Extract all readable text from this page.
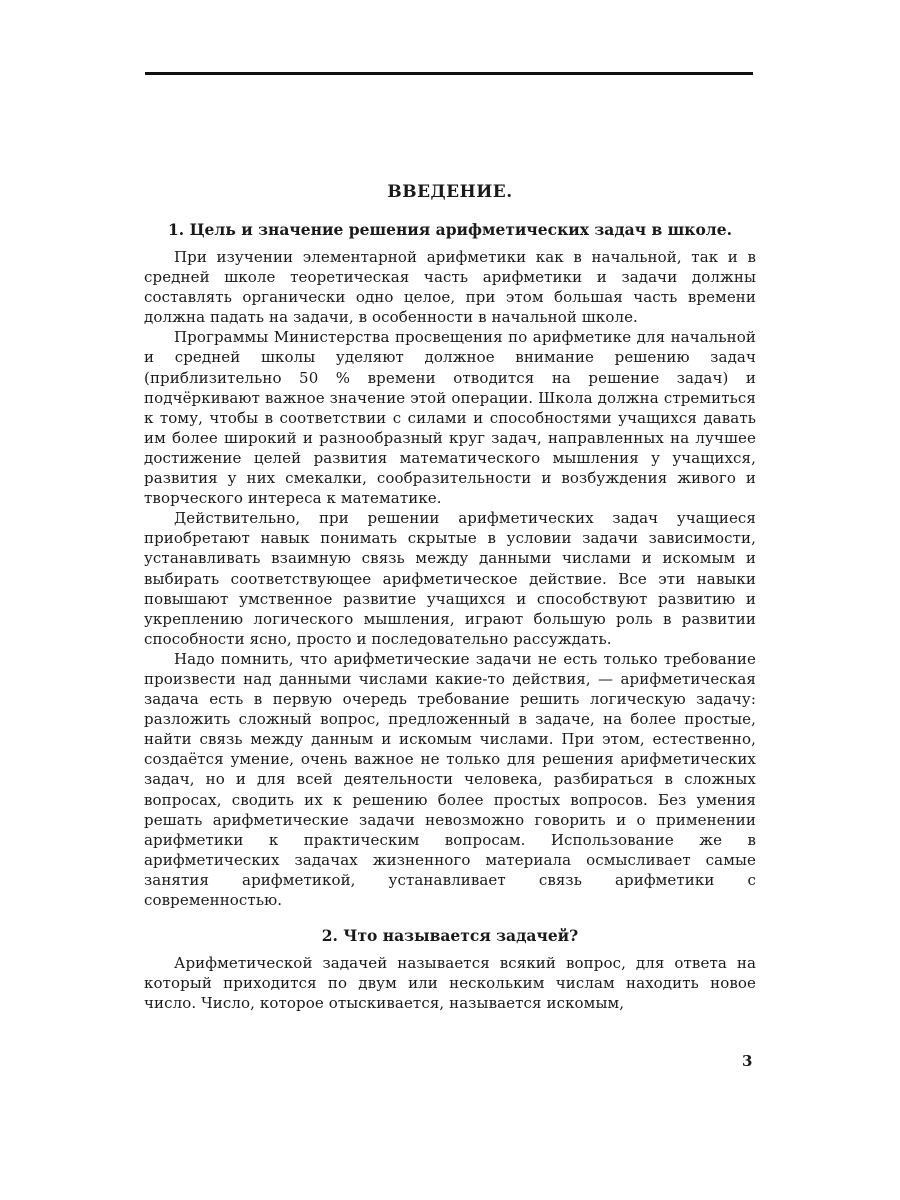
ВВЕДЕНИЕ.
1. Цель и значение решения арифметических задач в школе.

При изучении элементарной арифметики как в начальной, так и в средней школе теоретическая часть арифметики и задачи должны составлять органически одно целое, при этом большая часть времени должна падать на задачи, в особенности в начальной школе.

Программы Министерства просвещения по арифметике для начальной и средней школы уделяют должное внимание решению задач (приблизительно 50 % времени отводится на решение задач) и подчёркивают важное значение этой операции. Школа должна стремиться к тому, чтобы в соответствии с силами и способностями учащихся давать им более широкий и разнообразный круг задач, направленных на лучшее достижение целей развития математического мышления у учащихся, развития у них смекалки, сообразительности и возбуждения живого и творческого интереса к математике.

Действительно, при решении арифметических задач учащиеся приобретают навык понимать скрытые в условии задачи зависимости, устанавливать взаимную связь между данными числами и искомым и выбирать соответствующее арифметическое действие. Все эти навыки повышают умственное развитие учащихся и способствуют развитию и укреплению логического мышления, играют большую роль в развитии способности ясно, просто и последовательно рассуждать.

Надо помнить, что арифметические задачи не есть только требование произвести над данными числами какие-то действия, — арифметическая задача есть в первую очередь требование решить логическую задачу: разложить сложный вопрос, предложенный в задаче, на более простые, найти связь между данным и искомым числами. При этом, естественно, создаётся умение, очень важное не только для решения арифметических задач, но и для всей деятельности человека, разбираться в сложных вопросах, сводить их к решению более простых вопросов. Без умения решать арифметические задачи невозможно говорить и о применении арифметики к практическим вопросам. Использование же в арифметических задачах жизненного материала осмысливает самые занятия арифметикой, устанавливает связь арифметики с современностью.

2. Что называется задачей?

Арифметической задачей называется всякий вопрос, для ответа на который приходится по двум или нескольким числам находить новое число. Число, которое отыскивается, называется искомым,

3
